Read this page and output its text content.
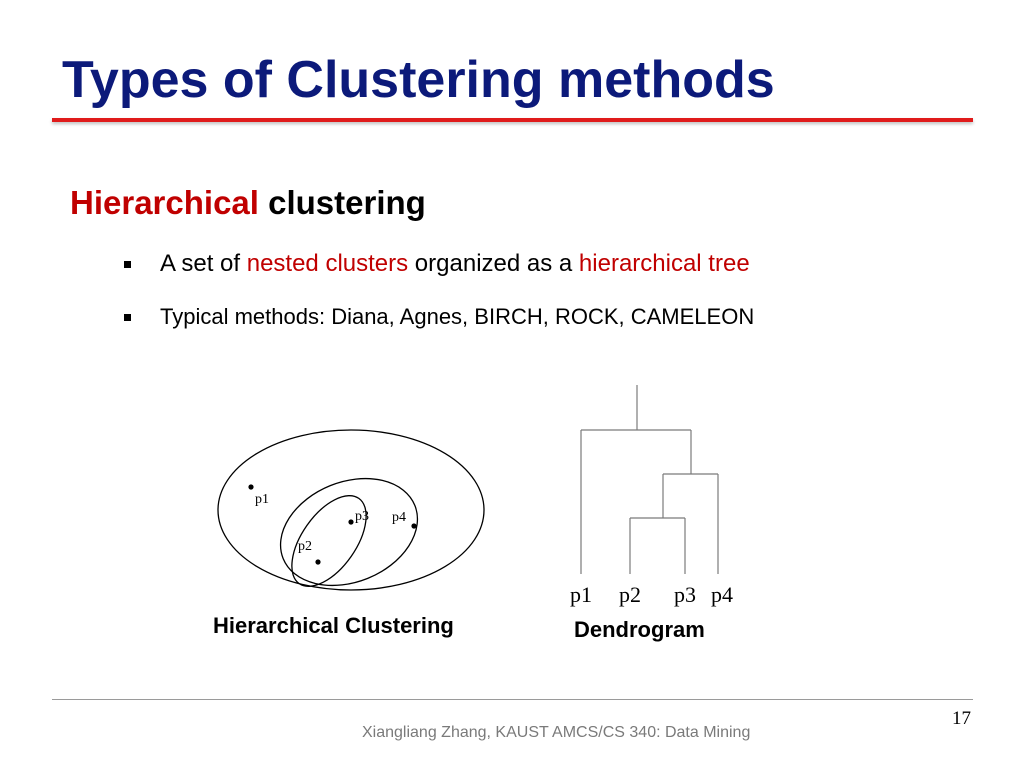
Types of Clustering methods
Hierarchical clustering
A set of nested clusters organized as a hierarchical tree
Typical methods: Diana, Agnes, BIRCH, ROCK, CAMELEON
p1
p3 p4
p2
p1 p2 p3 p4
Hierarchical Clustering	Dendrogram
17
Xiangliang Zhang, KAUST AMCS/CS 340: Data Mining
